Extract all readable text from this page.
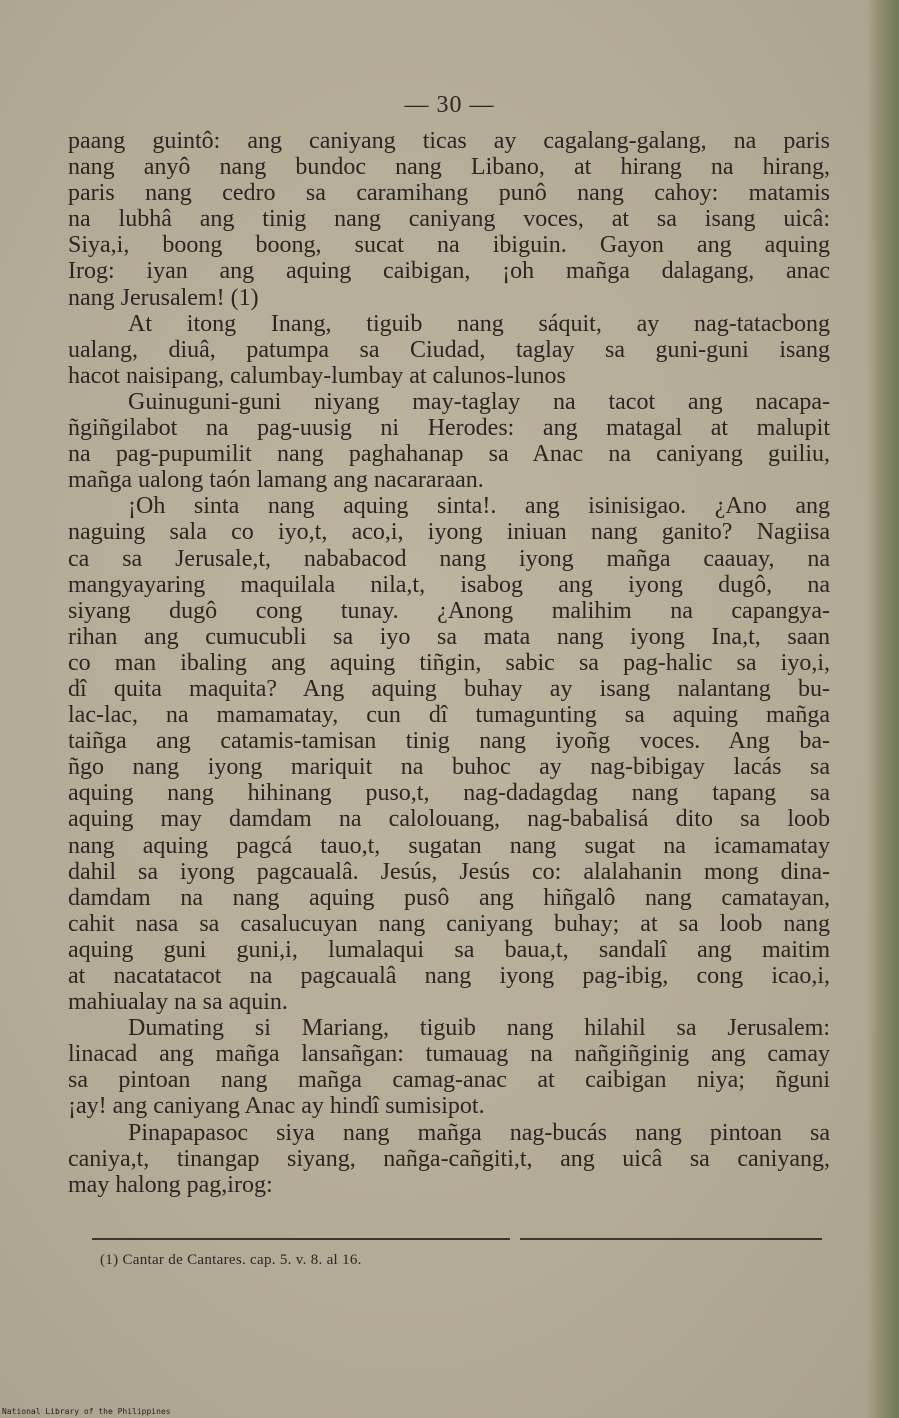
— 30 —
paang guintô: ang caniyang ticas ay cagalang-galang, na paris
nang anyô nang bundoc nang Libano, at hirang na hirang,
paris nang cedro sa caramihang punô nang cahoy: matamis
na lubhâ ang tinig nang caniyang voces, at sa isang uicâ:
Siya,i, boong boong, sucat na ibiguin. Gayon ang aquing
Irog: iyan ang aquing caibigan, ¡oh mañga dalagang, anac
nang Jerusalem! (1)
At itong Inang, tiguib nang sáquit, ay nag-tatacbong
ualang, diuâ, patumpa sa Ciudad, taglay sa guni-guni isang
hacot naisipang, calumbay-lumbay at calunos-lunos
Guinuguni-guni niyang may-taglay na tacot ang nacapa-
ñgiñgilabot na pag-uusig ni Herodes: ang matagal at malupit
na pag-pupumilit nang paghahanap sa Anac na caniyang guiliu,
mañga ualong taón lamang ang nacararaan.
¡Oh sinta nang aquing sinta!. ang isinisigao. ¿Ano ang
naguing sala co iyo,t, aco,i, iyong iniuan nang ganito? Nagiisa
ca sa Jerusale,t, nababacod nang iyong mañga caauay, na
mangyayaring maquilala nila,t, isabog ang iyong dugô, na
siyang dugô cong tunay. ¿Anong malihim na capangya-
rihan ang cumucubli sa iyo sa mata nang iyong Ina,t, saan
co man ibaling ang aquing tiñgin, sabic sa pag-halic sa iyo,i,
dî quita maquita? Ang aquing buhay ay isang nalantang bu-
lac-lac, na mamamatay, cun dî tumagunting sa aquing mañga
taiñga ang catamis-tamisan tinig nang iyoñg voces. Ang ba-
ñgo nang iyong mariquit na buhoc ay nag-bibigay lacás sa
aquing nang hihinang puso,t, nag-dadagdag nang tapang sa
aquing may damdam na calolouang, nag-babalisá dito sa loob
nang aquing pagcá tauo,t, sugatan nang sugat na icamamatay
dahil sa iyong pagcaualâ. Jesús, Jesús co: alalahanin mong dina-
damdam na nang aquing pusô ang hiñgalô nang camatayan,
cahit nasa sa casalucuyan nang caniyang buhay; at sa loob nang
aquing guni guni,i, lumalaqui sa baua,t, sandalî ang maitim
at nacatatacot na pagcaualâ nang iyong pag-ibig, cong icao,i,
mahiualay na sa aquin.
Dumating si Mariang, tiguib nang hilahil sa Jerusalem:
linacad ang mañga lansañgan: tumauag na nañgiñginig ang camay
sa pintoan nang mañga camag-anac at caibigan niya; ñguni
¡ay! ang caniyang Anac ay hindî sumisipot.
Pinapapasoc siya nang mañga nag-bucás nang pintoan sa
caniya,t, tinangap siyang, nañga-cañgiti,t, ang uicâ sa caniyang,
may halong pag,irog:
(1) Cantar de Cantares. cap. 5. v. 8. al 16.
National Library of the Philippines
